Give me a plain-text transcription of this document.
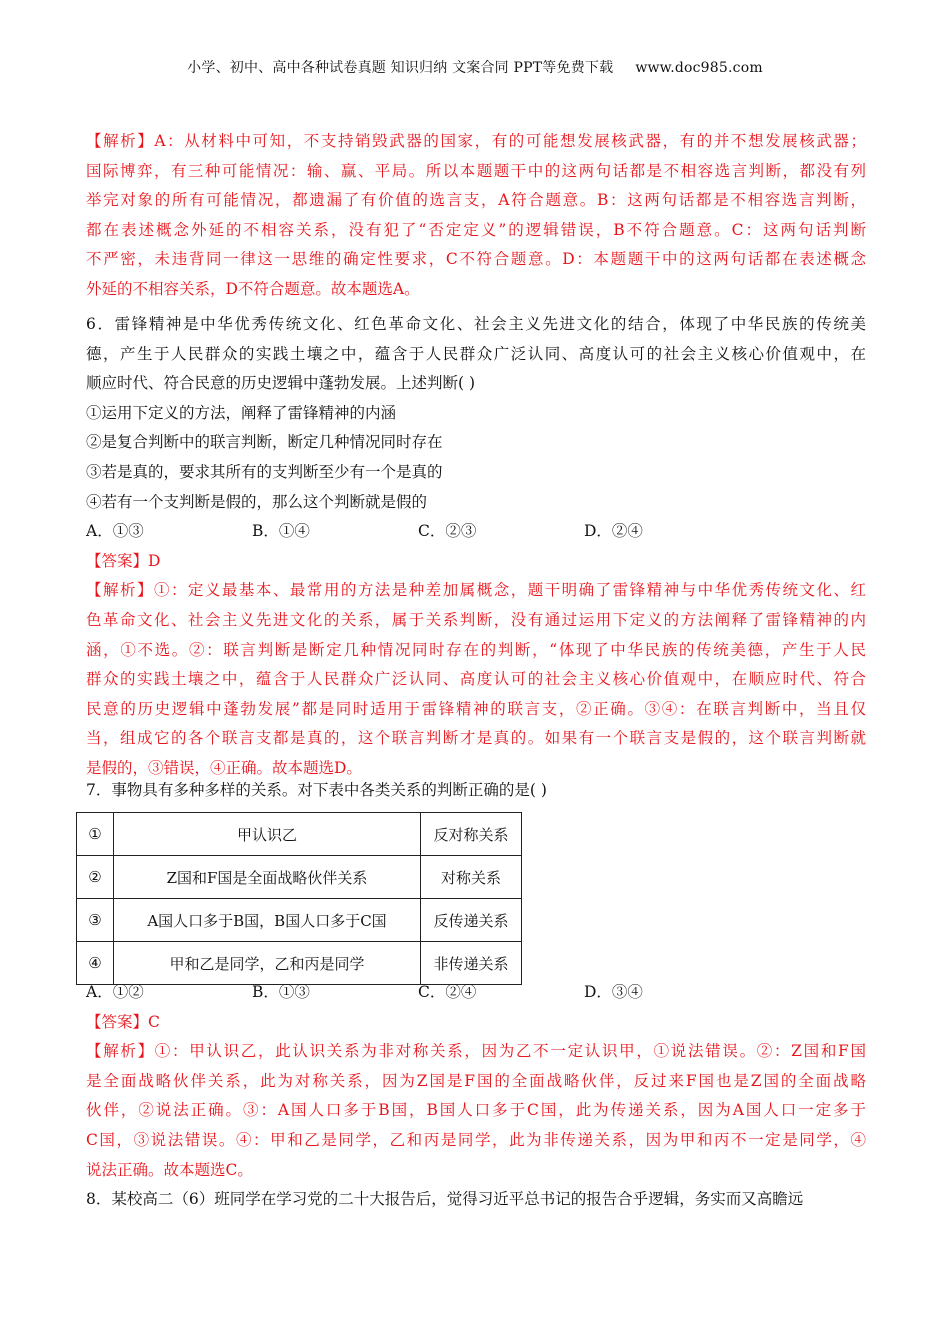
小学、初中、高中各种试卷真题 知识归纳 文案合同 PPT等免费下载 www.doc985.com
【解析】A：从材料中可知，不支持销毁武器的国家，有的可能想发展核武器，有的并不想发展核武器；
国际博弈，有三种可能情况：输、赢、平局。所以本题题干中的这两句话都是不相容选言判断，都没有列
举完对象的所有可能情况，都遗漏了有价值的选言支，A符合题意。B：这两句话都是不相容选言判断，
都在表述概念外延的不相容关系，没有犯了“否定定义”的逻辑错误，B不符合题意。C：这两句话判断
不严密，未违背同一律这一思维的确定性要求，C不符合题意。D：本题题干中的这两句话都在表述概念
外延的不相容关系，D不符合题意。故本题选A。
6．雷锋精神是中华优秀传统文化、红色革命文化、社会主义先进文化的结合，体现了中华民族的传统美
德，产生于人民群众的实践土壤之中，蕴含于人民群众广泛认同、高度认可的社会主义核心价值观中，在
顺应时代、符合民意的历史逻辑中蓬勃发展。上述判断( )
①运用下定义的方法，阐释了雷锋精神的内涵
②是复合判断中的联言判断，断定几种情况同时存在
③若是真的，要求其所有的支判断至少有一个是真的
④若有一个支判断是假的，那么这个判断就是假的
A．①③	B．①④	C．②③	D．②④
【答案】D
【解析】①：定义最基本、最常用的方法是种差加属概念，题干明确了雷锋精神与中华优秀传统文化、红
色革命文化、社会主义先进文化的关系，属于关系判断，没有通过运用下定义的方法阐释了雷锋精神的内
涵，①不选。②：联言判断是断定几种情况同时存在的判断，“体现了中华民族的传统美德，产生于人民
群众的实践土壤之中，蕴含于人民群众广泛认同、高度认可的社会主义核心价值观中，在顺应时代、符合
民意的历史逻辑中蓬勃发展”都是同时适用于雷锋精神的联言支，②正确。③④：在联言判断中，当且仅
当，组成它的各个联言支都是真的，这个联言判断才是真的。如果有一个联言支是假的，这个联言判断就
是假的，③错误，④正确。故本题选D。
7．事物具有多种多样的关系。对下表中各类关系的判断正确的是( )
①	甲认识乙	反对称关系
②	Z国和F国是全面战略伙伴关系	对称关系
③	A国人口多于B国，B国人口多于C国	反传递关系
④	甲和乙是同学，乙和丙是同学	非传递关系
A．①②	B．①③	C．②④	D．③④
【答案】C
【解析】①：甲认识乙，此认识关系为非对称关系，因为乙不一定认识甲，①说法错误。②：Z国和F国
是全面战略伙伴关系，此为对称关系，因为Z国是F国的全面战略伙伴，反过来F国也是Z国的全面战略
伙伴，②说法正确。③：A国人口多于B国，B国人口多于C国，此为传递关系，因为A国人口一定多于
C国，③说法错误。④：甲和乙是同学，乙和丙是同学，此为非传递关系，因为甲和丙不一定是同学，④
说法正确。故本题选C。
8．某校高二（6）班同学在学习党的二十大报告后，觉得习近平总书记的报告合乎逻辑，务实而又高瞻远
